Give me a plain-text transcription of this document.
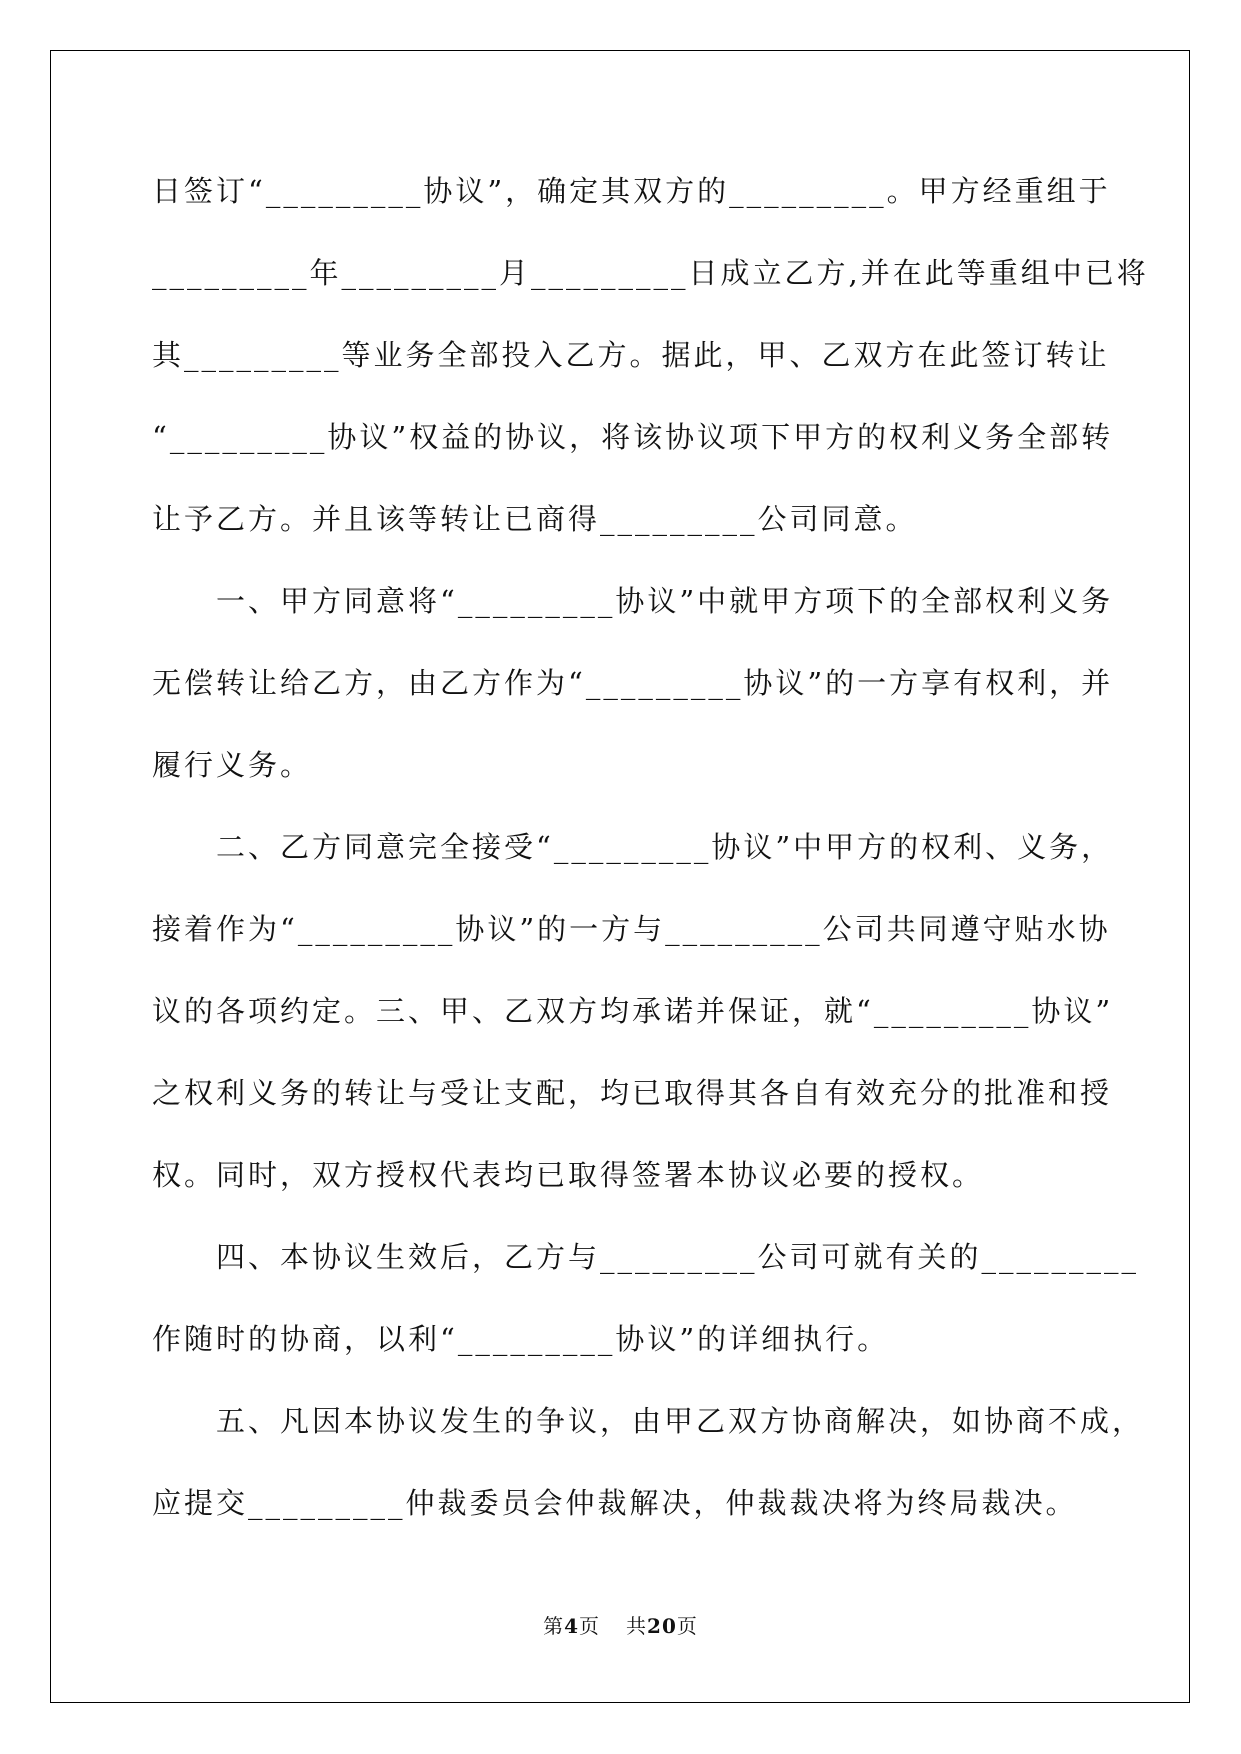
日签订“_________协议”，确定其双方的_________。甲方经重组于
_________年_________月_________日成立乙方,并在此等重组中已将
其_________等业务全部投入乙方。据此，甲、乙双方在此签订转让
“_________协议”权益的协议，将该协议项下甲方的权利义务全部转
让予乙方。并且该等转让已商得_________公司同意。
一、甲方同意将“_________协议”中就甲方项下的全部权利义务
无偿转让给乙方，由乙方作为“_________协议”的一方享有权利，并
履行义务。
二、乙方同意完全接受“_________协议”中甲方的权利、义务，
接着作为“_________协议”的一方与_________公司共同遵守贴水协
议的各项约定。三、甲、乙双方均承诺并保证，就“_________协议”
之权利义务的转让与受让支配，均已取得其各自有效充分的批准和授
权。同时，双方授权代表均已取得签署本协议必要的授权。
四、本协议生效后，乙方与_________公司可就有关的_________
作随时的协商，以利“_________协议”的详细执行。
五、凡因本协议发生的争议，由甲乙双方协商解决，如协商不成，
应提交_________仲裁委员会仲裁解决，仲裁裁决将为终局裁决。
第4页 共20页
